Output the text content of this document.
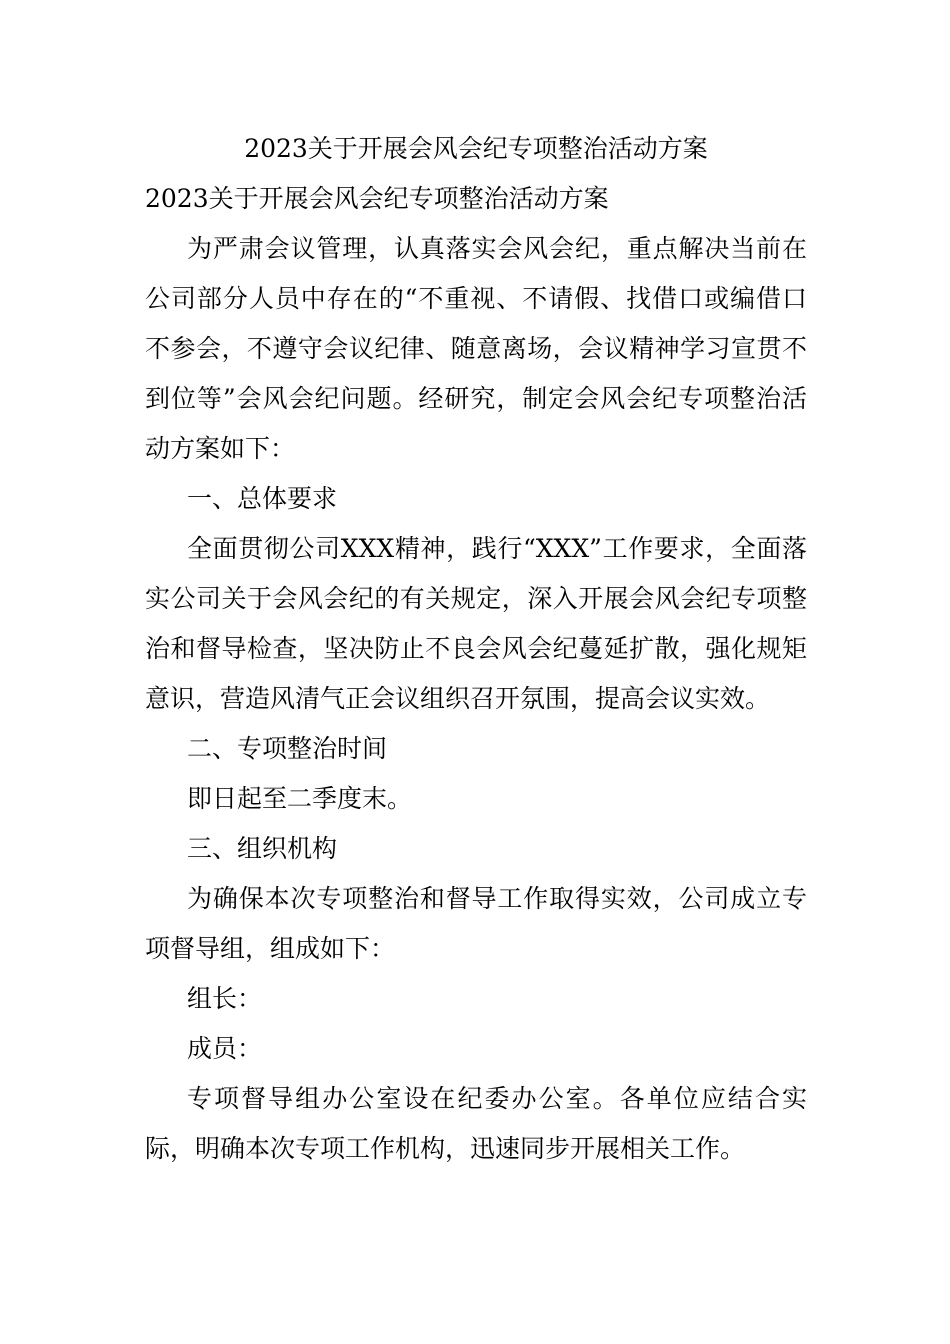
2023关于开展会风会纪专项整治活动方案

2023关于开展会风会纪专项整治活动方案

为严肃会议管理，认真落实会风会纪，重点解决当前在公司部分人员中存在的“不重视、不请假、找借口或编借口不参会，不遵守会议纪律、随意离场，会议精神学习宣贯不到位等”会风会纪问题。经研究，制定会风会纪专项整治活动方案如下：

一、总体要求

全面贯彻公司XXX精神，践行“XXX”工作要求，全面落实公司关于会风会纪的有关规定，深入开展会风会纪专项整治和督导检查，坚决防止不良会风会纪蔓延扩散，强化规矩意识，营造风清气正会议组织召开氛围，提高会议实效。

二、专项整治时间

即日起至二季度末。

三、组织机构

为确保本次专项整治和督导工作取得实效，公司成立专项督导组，组成如下：

组长：

成员：

专项督导组办公室设在纪委办公室。各单位应结合实际，明确本次专项工作机构，迅速同步开展相关工作。
